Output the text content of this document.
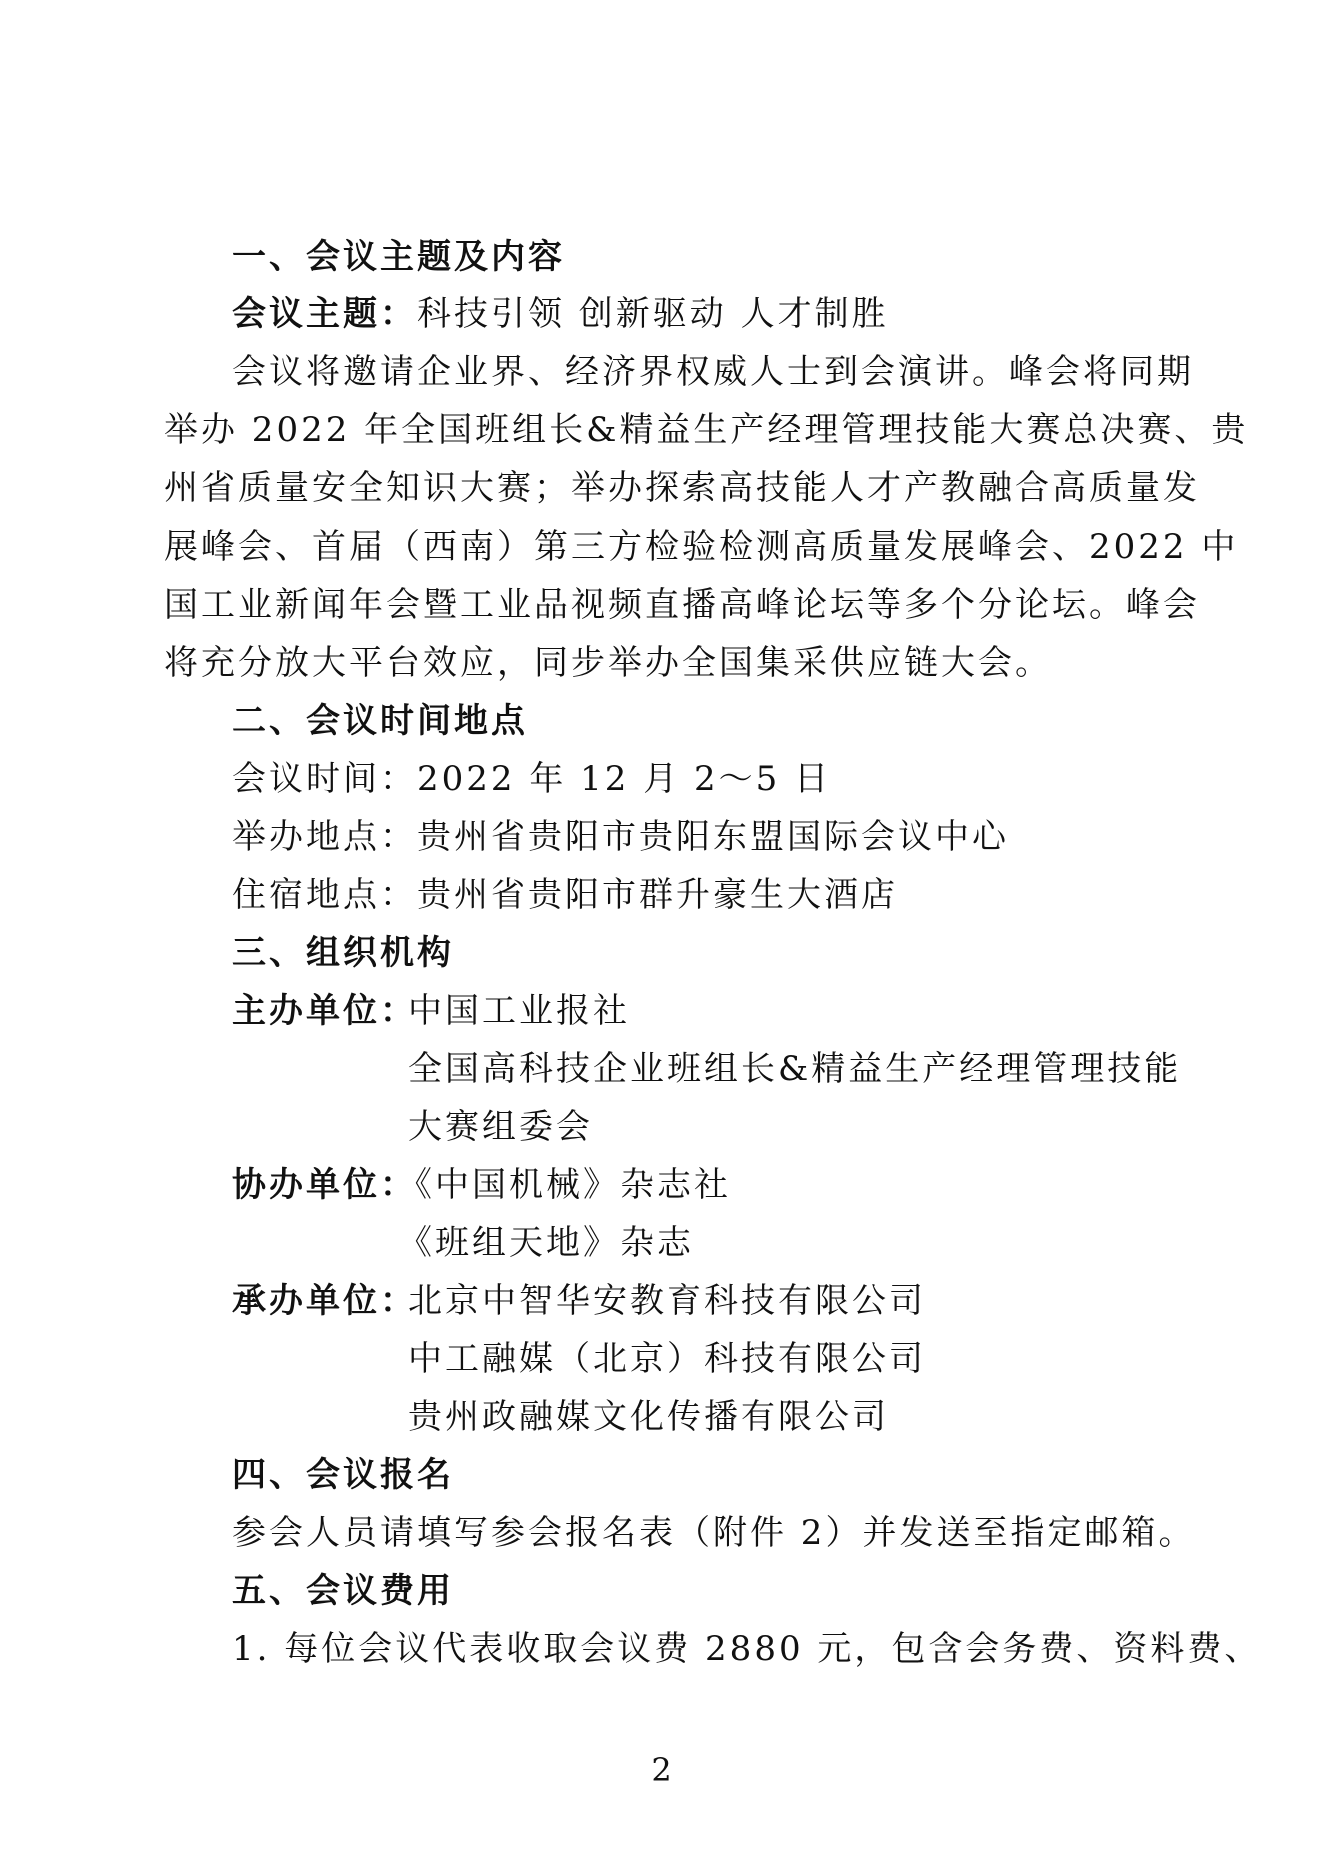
一、会议主题及内容
会议主题：科技引领 创新驱动 人才制胜
会议将邀请企业界、经济界权威人士到会演讲。峰会将同期
举办 2022 年全国班组长&精益生产经理管理技能大赛总决赛、贵
州省质量安全知识大赛；举办探索高技能人才产教融合高质量发
展峰会、首届（西南）第三方检验检测高质量发展峰会、2022 中
国工业新闻年会暨工业品视频直播高峰论坛等多个分论坛。峰会
将充分放大平台效应，同步举办全国集采供应链大会。
二、会议时间地点
会议时间：2022 年 12 月 2～5 日
举办地点：贵州省贵阳市贵阳东盟国际会议中心
住宿地点：贵州省贵阳市群升豪生大酒店
三、组织机构
主办单位：
中国工业报社
全国高科技企业班组长&精益生产经理管理技能
大赛组委会
协办单位：
《中国机械》杂志社
《班组天地》杂志
承办单位：
北京中智华安教育科技有限公司
中工融媒（北京）科技有限公司
贵州政融媒文化传播有限公司
四、会议报名
参会人员请填写参会报名表（附件 2）并发送至指定邮箱。
五、会议费用
1. 每位会议代表收取会议费 2880 元，包含会务费、资料费、
2
